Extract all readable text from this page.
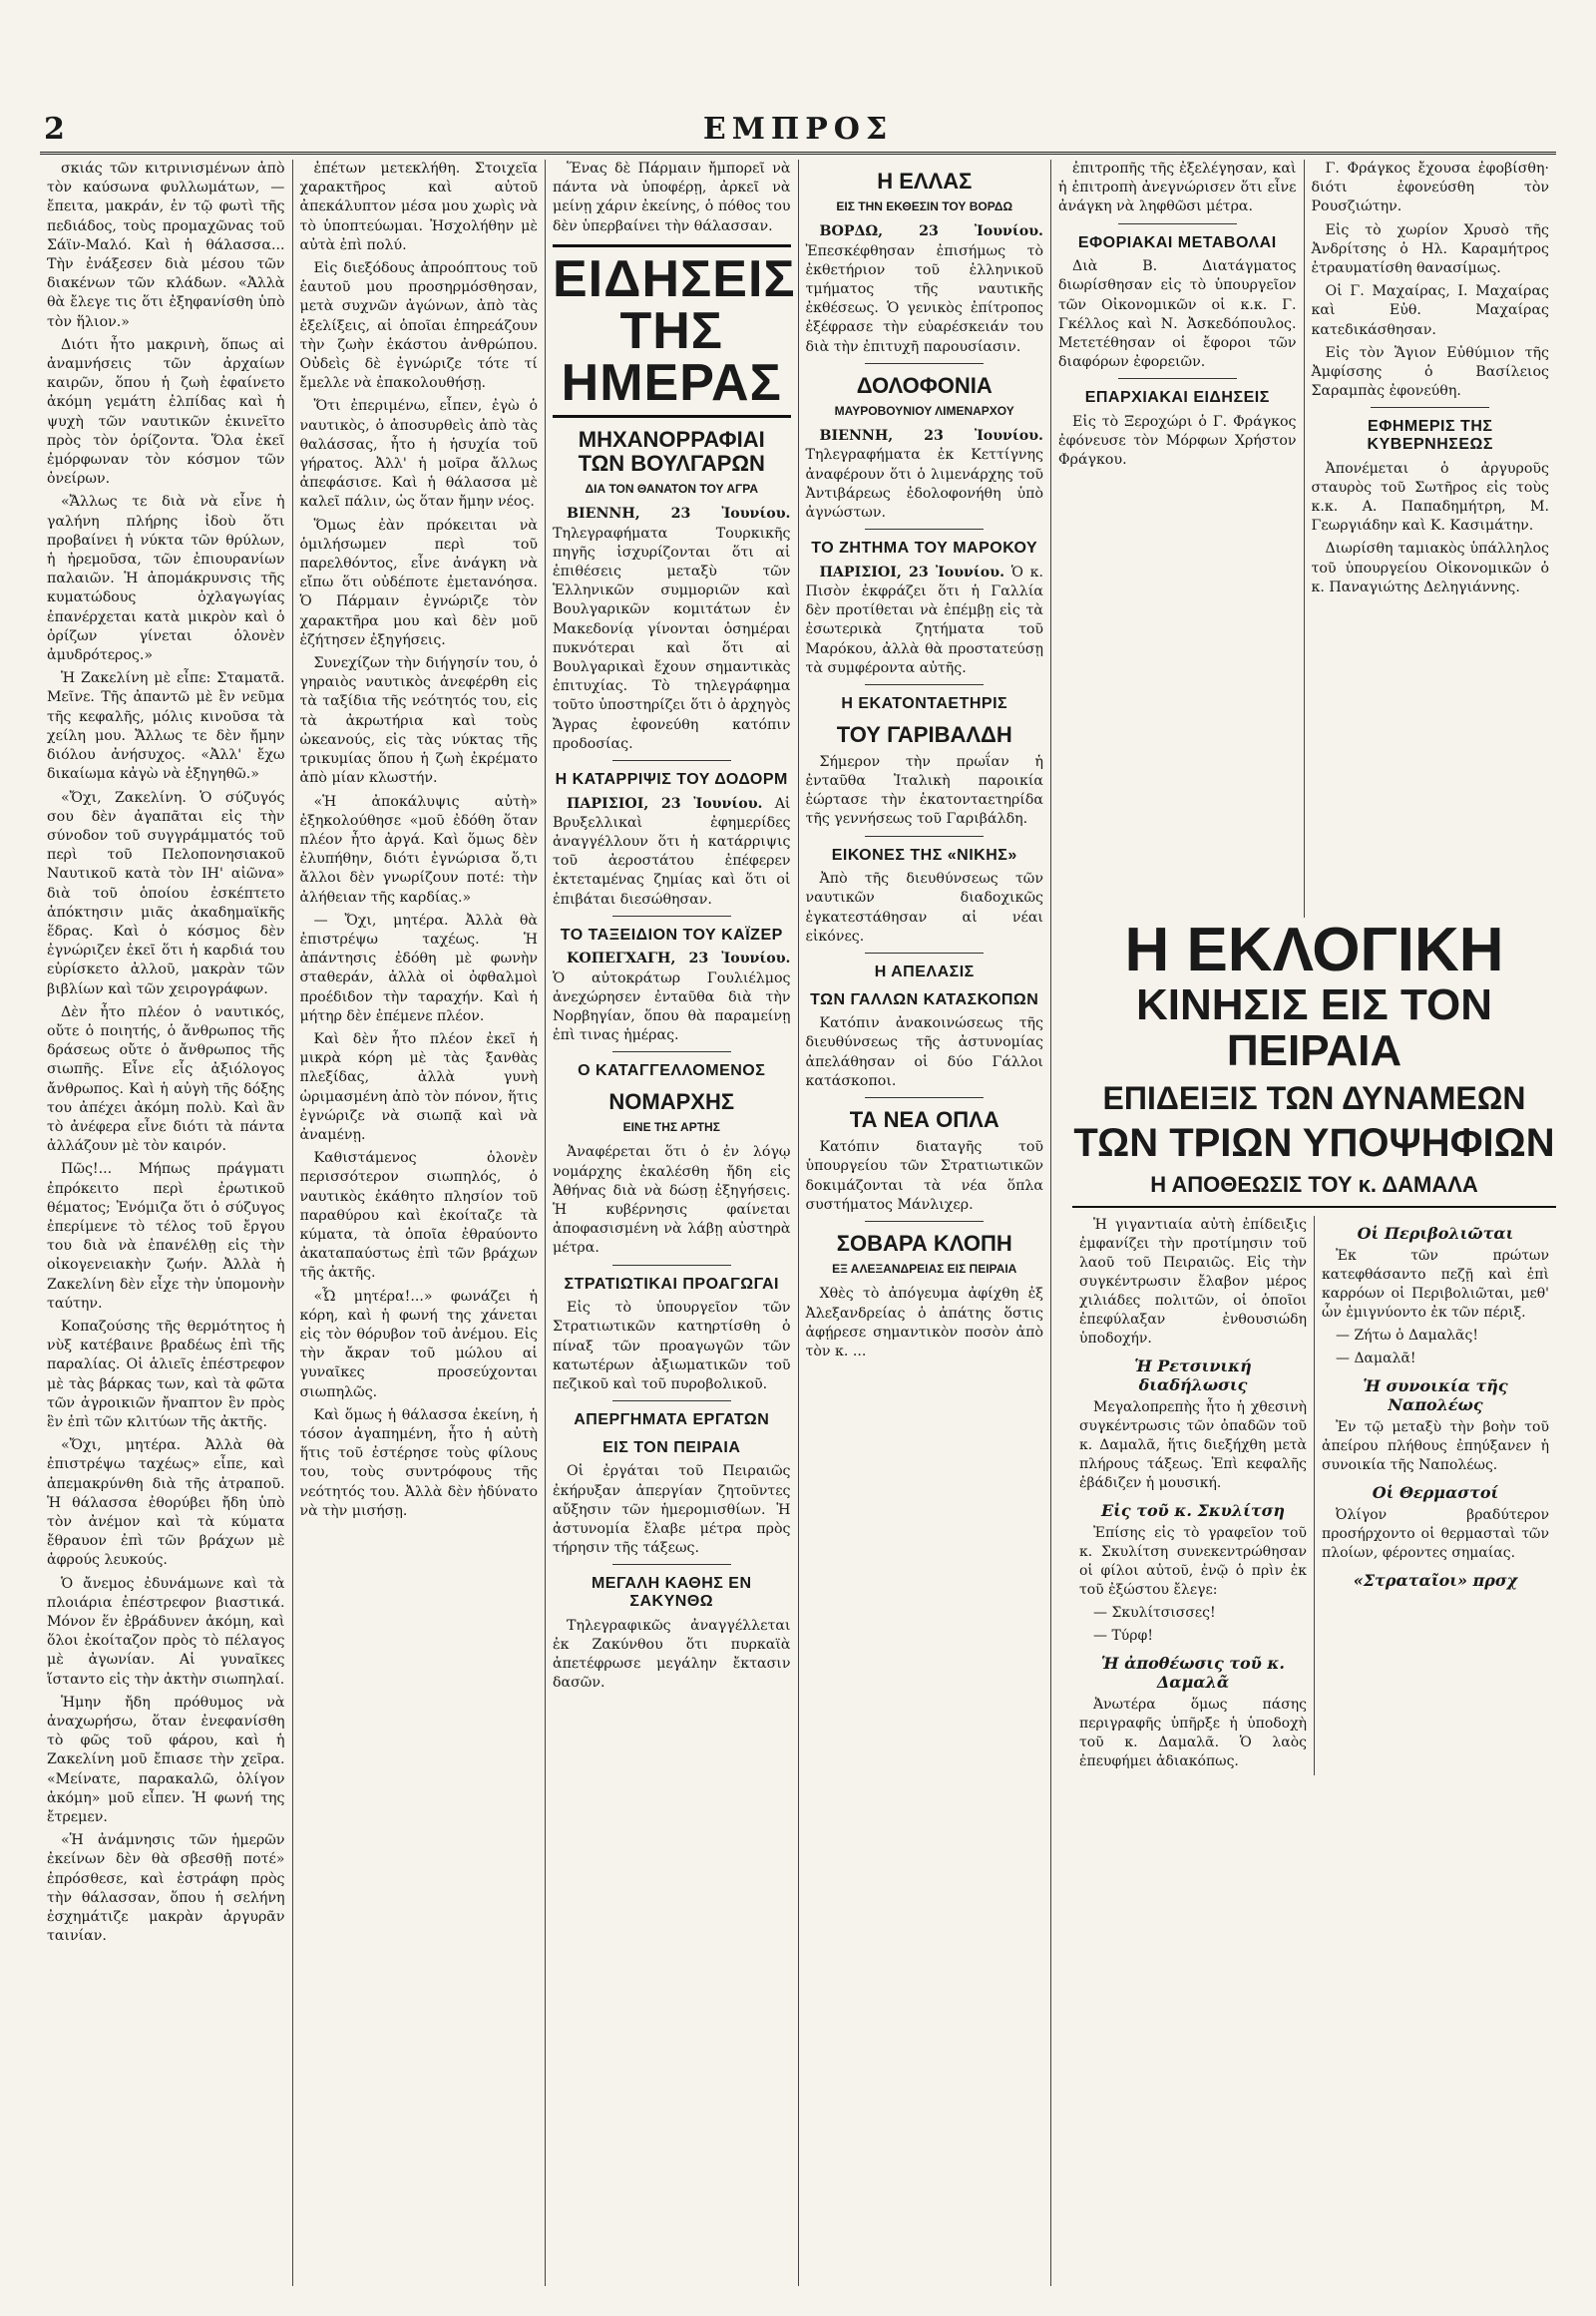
2	ΕΜΠΡΟΣ

σκιάς τῶν κιτρινισμένων ἀπὸ τὸν καύσωνα φυλλωμάτων, — ἔπειτα, μακράν, ἐν τῷ φωτὶ τῆς πεδιάδος, τοὺς προμαχῶνας τοῦ Σάϊν-Μαλό. Καὶ ἡ θάλασσα... Τὴν ἐνάξεσεν διὰ μέσου τῶν διακένων τῶν κλάδων. «Ἀλλὰ θὰ ἔλεγε τις ὅτι ἐξηφανίσθη ὑπὸ τὸν ἥλιον.»

Διότι ἦτο μακρινὴ, ὅπως αἱ ἀναμνήσεις τῶν ἀρχαίων καιρῶν, ὅπου ἡ ζωὴ ἐφαίνετο ἀκόμη γεμάτη ἐλπίδας καὶ ἡ ψυχὴ τῶν ναυτικῶν ἐκινεῖτο πρὸς τὸν ὁρίζοντα. Ὅλα ἐκεῖ ἐμόρφωναν τὸν κόσμον τῶν ὀνείρων.

«Ἄλλως τε διὰ νὰ εἶνε ἡ γαλήνη πλήρης ἰδοὺ ὅτι προβαίνει ἡ νύκτα τῶν θρύλων, ἡ ἠρεμοῦσα, τῶν ἐπιουρανίων παλαιῶν. Ἡ ἀπομάκρυνσις τῆς κυματώδους ὀχλαγωγίας ἐπανέρχεται κατὰ μικρὸν καὶ ὁ ὁρίζων γίνεται ὁλονὲν ἀμυδρότερος.»

Ἡ Ζακελίνη μὲ εἶπε: Σταματᾶ. Μεῖνε. Τῆς ἀπαντῶ μὲ ἓν νεῦμα τῆς κεφαλῆς, μόλις κινοῦσα τὰ χείλη μου. Ἄλλως τε δὲν ἤμην διόλου ἀνήσυχος. «Ἀλλ' ἔχω δικαίωμα κἀγὼ νὰ ἐξηγηθῶ.»

«Ὄχι, Ζακελίνη. Ὁ σύζυγός σου δὲν ἀγαπᾶται εἰς τὴν σύνοδον τοῦ συγγράμματός τοῦ περὶ τοῦ Πελοπονησιακοῦ Ναυτικοῦ κατὰ τὸν ΙΗ' αἰῶνα» διὰ τοῦ ὁποίου ἐσκέπτετο ἀπόκτησιν μιᾶς ἀκαδημαϊκῆς ἕδρας. Καὶ ὁ κόσμος δὲν ἐγνώριζεν ἐκεῖ ὅτι ἡ καρδιά του εὑρίσκετο ἀλλοῦ, μακρὰν τῶν βιβλίων καὶ τῶν χειρογράφων.

Δὲν ἦτο πλέον ὁ ναυτικός, οὔτε ὁ ποιητής, ὁ ἄνθρωπος τῆς δράσεως οὔτε ὁ ἄνθρωπος τῆς σιωπῆς. Εἶνε εἷς ἀξιόλογος ἄνθρωπος. Καὶ ἡ αὐγὴ τῆς δόξης του ἀπέχει ἀκόμη πολὺ. Καὶ ἂν τὸ ἀνέφερα εἶνε διότι τὰ πάντα ἀλλάζουν μὲ τὸν καιρόν.

Πῶς!... Μήπως πράγματι ἐπρόκειτο περὶ ἐρωτικοῦ θέματος; Ἐνόμιζα ὅτι ὁ σύζυγος ἐπερίμενε τὸ τέλος τοῦ ἔργου του διὰ νὰ ἐπανέλθῃ εἰς τὴν οἰκογενειακὴν ζωήν. Ἀλλὰ ἡ Ζακελίνη δὲν εἶχε τὴν ὑπομονὴν ταύτην.

Κοπαζούσης τῆς θερμότητος ἡ νὺξ κατέβαινε βραδέως ἐπὶ τῆς παραλίας. Οἱ ἁλιεῖς ἐπέστρεφον μὲ τὰς βάρκας των, καὶ τὰ φῶτα τῶν ἀγροικιῶν ἤναπτον ἓν πρὸς ἓν ἐπὶ τῶν κλιτύων τῆς ἀκτῆς.

«Ὄχι, μητέρα. Ἀλλὰ θὰ ἐπιστρέψω ταχέως» εἶπε, καὶ ἀπεμακρύνθη διὰ τῆς ἀτραποῦ. Ἡ θάλασσα ἐθορύβει ἤδη ὑπὸ τὸν ἀνέμον καὶ τὰ κύματα ἔθραυον ἐπὶ τῶν βράχων μὲ ἀφρούς λευκούς.

Ὁ ἄνεμος ἐδυνάμωνε καὶ τὰ πλοιάρια ἐπέστρεφον βιαστικά. Μόνον ἕν ἐβράδυνεν ἀκόμη, καὶ ὅλοι ἐκοίταζον πρὸς τὸ πέλαγος μὲ ἀγωνίαν. Αἱ γυναῖκες ἵσταντο εἰς τὴν ἀκτὴν σιωπηλαί.

Ἡμην ἤδη πρόθυμος νὰ ἀναχωρήσω, ὅταν ἐνεφανίσθη τὸ φῶς τοῦ φάρου, καὶ ἡ Ζακελίνη μοῦ ἔπιασε τὴν χεῖρα. «Μείνατε, παρακαλῶ, ὀλίγον ἀκόμη» μοῦ εἶπεν. Ἡ φωνή της ἔτρεμεν.

«Ἡ ἀνάμνησις τῶν ἡμερῶν ἐκείνων δὲν θὰ σβεσθῇ ποτέ» ἐπρόσθεσε, καὶ ἐστράφη πρὸς τὴν θάλασσαν, ὅπου ἡ σελήνη ἐσχημάτιζε μακρὰν ἀργυρᾶν ταινίαν.

ἐπέτων μετεκλήθη. Στοιχεῖα χαρακτῆρος καὶ αὐτοῦ ἀπεκάλυπτον μέσα μου χωρὶς νὰ τὸ ὑποπτεύωμαι. Ἠσχολήθην μὲ αὐτὰ ἐπὶ πολύ.

Εἰς διεξόδους ἀπροόπτους τοῦ ἑαυτοῦ μου προσηρμόσθησαν, μετὰ συχνῶν ἀγώνων, ἀπὸ τὰς ἐξελίξεις, αἱ ὁποῖαι ἐπηρεάζουν τὴν ζωὴν ἑκάστου ἀνθρώπου. Οὐδεὶς δὲ ἐγνώριζε τότε τί ἔμελλε νὰ ἐπακολουθήσῃ.

Ὅτι ἐπεριμένω, εἶπεν, ἐγὼ ὁ ναυτικὸς, ὁ ἀποσυρθεὶς ἀπὸ τὰς θαλάσσας, ἦτο ἡ ἡσυχία τοῦ γήρατος. Ἀλλ' ἡ μοῖρα ἄλλως ἀπεφάσισε. Καὶ ἡ θάλασσα μὲ καλεῖ πάλιν, ὡς ὅταν ἤμην νέος.

Ὅμως ἐὰν πρόκειται νὰ ὁμιλήσωμεν περὶ τοῦ παρελθόντος, εἶνε ἀνάγκη νὰ εἴπω ὅτι οὐδέποτε ἐμετανόησα. Ὁ Πάρμαιν ἐγνώριζε τὸν χαρακτῆρα μου καὶ δὲν μοῦ ἐζήτησεν ἐξηγήσεις.

Συνεχίζων τὴν διήγησίν του, ὁ γηραιὸς ναυτικὸς ἀνεφέρθη εἰς τὰ ταξίδια τῆς νεότητός του, εἰς τὰ ἀκρωτήρια καὶ τοὺς ὠκεανούς, εἰς τὰς νύκτας τῆς τρικυμίας ὅπου ἡ ζωὴ ἐκρέματο ἀπὸ μίαν κλωστήν.

«Ἡ ἀποκάλυψις αὐτὴ» ἐξηκολούθησε «μοῦ ἐδόθη ὅταν πλέον ἦτο ἀργά. Καὶ ὅμως δὲν ἐλυπήθην, διότι ἐγνώρισα ὅ,τι ἄλλοι δὲν γνωρίζουν ποτέ: τὴν ἀλήθειαν τῆς καρδίας.»

— Ὄχι, μητέρα. Ἀλλὰ θὰ ἐπιστρέψω ταχέως. Ἡ ἀπάντησις ἐδόθη μὲ φωνὴν σταθεράν, ἀλλὰ οἱ ὀφθαλμοὶ προέδιδον τὴν ταραχήν. Καὶ ἡ μήτηρ δὲν ἐπέμενε πλέον.

Καὶ δὲν ἦτο πλέον ἐκεῖ ἡ μικρὰ κόρη μὲ τὰς ξανθὰς πλεξίδας, ἀλλὰ γυνὴ ὡριμασμένη ἀπὸ τὸν πόνον, ἥτις ἐγνώριζε νὰ σιωπᾷ καὶ νὰ ἀναμένῃ.

Καθιστάμενος ὁλονὲν περισσότερον σιωπηλός, ὁ ναυτικὸς ἐκάθητο πλησίον τοῦ παραθύρου καὶ ἐκοίταζε τὰ κύματα, τὰ ὁποῖα ἐθραύοντο ἀκαταπαύστως ἐπὶ τῶν βράχων τῆς ἀκτῆς.

«Ὦ μητέρα!...» φωνάζει ἡ κόρη, καὶ ἡ φωνή της χάνεται εἰς τὸν θόρυβον τοῦ ἀνέμου. Εἰς τὴν ἄκραν τοῦ μώλου αἱ γυναῖκες προσεύχονται σιωπηλῶς.

Καὶ ὅμως ἡ θάλασσα ἐκείνη, ἡ τόσον ἀγαπημένη, ἦτο ἡ αὐτὴ ἥτις τοῦ ἐστέρησε τοὺς φίλους του, τοὺς συντρόφους τῆς νεότητός του. Ἀλλὰ δὲν ἠδύνατο νὰ τὴν μισήσῃ.

Ἕνας δὲ Πάρμαιν ἤμπορεῖ νὰ πάντα νὰ ὑποφέρῃ, ἀρκεῖ νὰ μείνῃ χάριν ἐκείνης, ὁ πόθος του δὲν ὑπερβαίνει τὴν θάλασσαν.

ΕΙΔΗΣΕΙΣ ΤΗΣ ΗΜΕΡΑΣ
ΜΗΧΑΝΟΡΡΑΦΙΑΙ ΤΩΝ ΒΟΥΛΓΑΡΩΝ
ΔΙΑ ΤΟΝ ΘΑΝΑΤΟΝ ΤΟΥ ΑΓΡΑ

ΒΙΕΝΝΗ, 23 Ἰουνίου. Τηλεγραφήματα Τουρκικῆς πηγῆς ἰσχυρίζονται ὅτι αἱ ἐπιθέσεις μεταξὺ τῶν Ἑλληνικῶν συμμοριῶν καὶ Βουλγαρικῶν κομιτάτων ἐν Μακεδονίᾳ γίνονται ὁσημέραι πυκνότεραι καὶ ὅτι αἱ Βουλγαρικαὶ ἔχουν σημαντικὰς ἐπιτυχίας. Τὸ τηλεγράφημα τοῦτο ὑποστηρίζει ὅτι ὁ ἀρχηγὸς Ἄγρας ἐφονεύθη κατόπιν προδοσίας.

Η ΚΑΤΑΡΡΙΨΙΣ ΤΟΥ ΔΟΔΟΡΜ

ΠΑΡΙΣΙΟΙ, 23 Ἰουνίου. Αἱ Βρυξελλικαὶ ἐφημερίδες ἀναγγέλλουν ὅτι ἡ κατάρριψις τοῦ ἀεροστάτου ἐπέφερεν ἐκτεταμένας ζημίας καὶ ὅτι οἱ ἐπιβάται διεσώθησαν.

ΤΟ ΤΑΞΕΙΔΙΟΝ ΤΟΥ ΚΑΪΖΕΡ

ΚΟΠΕΓΧΑΓΗ, 23 Ἰουνίου. Ὁ αὐτοκράτωρ Γουλιέλμος ἀνεχώρησεν ἐνταῦθα διὰ τὴν Νορβηγίαν, ὅπου θὰ παραμείνῃ ἐπὶ τινας ἡμέρας.

Ο ΚΑΤΑΓΓΕΛΛΟΜΕΝΟΣ
ΝΟΜΑΡΧΗΣ
ΕΙΝΕ ΤΗΣ ΑΡΤΗΣ

Ἀναφέρεται ὅτι ὁ ἐν λόγῳ νομάρχης ἐκαλέσθη ἤδη εἰς Ἀθήνας διὰ νὰ δώσῃ ἐξηγήσεις. Ἡ κυβέρνησις φαίνεται ἀποφασισμένη νὰ λάβῃ αὐστηρὰ μέτρα.

ΣΤΡΑΤΙΩΤΙΚΑΙ ΠΡΟΑΓΩΓΑΙ

Εἰς τὸ ὑπουργεῖον τῶν Στρατιωτικῶν κατηρτίσθη ὁ πίναξ τῶν προαγωγῶν τῶν κατωτέρων ἀξιωματικῶν τοῦ πεζικοῦ καὶ τοῦ πυροβολικοῦ.

ΑΠΕΡΓΗΜΑΤΑ ΕΡΓΑΤΩΝ
ΕΙΣ ΤΟΝ ΠΕΙΡΑΙΑ

Οἱ ἐργάται τοῦ Πειραιῶς ἐκήρυξαν ἀπεργίαν ζητοῦντες αὔξησιν τῶν ἡμερομισθίων. Ἡ ἀστυνομία ἔλαβε μέτρα πρὸς τήρησιν τῆς τάξεως.

ΜΕΓΑΛΗ ΚΑΘΗΣ ΕΝ ΣΑΚΥΝΘΩ

Τηλεγραφικῶς ἀναγγέλλεται ἐκ Ζακύνθου ὅτι πυρκαϊὰ ἀπετέφρωσε μεγάλην ἔκτασιν δασῶν.

Η ΕΛΛΑΣ
ΕΙΣ ΤΗΝ ΕΚΘΕΣΙΝ ΤΟΥ ΒΟΡΔΩ

ΒΟΡΔΩ, 23 Ἰουνίου. Ἐπεσκέφθησαν ἐπισήμως τὸ ἐκθετήριον τοῦ ἑλληνικοῦ τμήματος τῆς ναυτικῆς ἐκθέσεως. Ὁ γενικὸς ἐπίτροπος ἐξέφρασε τὴν εὐαρέσκειάν του διὰ τὴν ἐπιτυχῆ παρουσίασιν.

ΔΟΛΟΦΟΝΙΑ
ΜΑΥΡΟΒΟΥΝΙΟΥ ΛΙΜΕΝΑΡΧΟΥ

ΒΙΕΝΝΗ, 23 Ἰουνίου. Τηλεγραφήματα ἐκ Κεττίγνης ἀναφέρουν ὅτι ὁ λιμενάρχης τοῦ Ἀντιβάρεως ἐδολοφονήθη ὑπὸ ἀγνώστων.

ΤΟ ΖΗΤΗΜΑ ΤΟΥ ΜΑΡΟΚΟΥ

ΠΑΡΙΣΙΟΙ, 23 Ἰουνίου. Ὁ κ. Πισὸν ἐκφράζει ὅτι ἡ Γαλλία δὲν προτίθεται νὰ ἐπέμβῃ εἰς τὰ ἐσωτερικὰ ζητήματα τοῦ Μαρόκου, ἀλλὰ θὰ προστατεύσῃ τὰ συμφέροντα αὐτῆς.

Η ΕΚΑΤΟΝΤΑΕΤΗΡΙΣ
ΤΟΥ ΓΑΡΙΒΑΛΔΗ

Σήμερον τὴν πρωΐαν ἡ ἐνταῦθα Ἰταλικὴ παροικία ἑώρτασε τὴν ἑκατονταετηρίδα τῆς γεννήσεως τοῦ Γαριβάλδη.

ΕΙΚΟΝΕΣ ΤΗΣ «ΝΙΚΗΣ»

Ἀπὸ τῆς διευθύνσεως τῶν ναυτικῶν διαδοχικῶς ἐγκατεστάθησαν αἱ νέαι εἰκόνες.

Η ΑΠΕΛΑΣΙΣ
ΤΩΝ ΓΑΛΛΩΝ ΚΑΤΑΣΚΟΠΩΝ

Κατόπιν ἀνακοινώσεως τῆς διευθύνσεως τῆς ἀστυνομίας ἀπελάθησαν οἱ δύο Γάλλοι κατάσκοποι.

ΤΑ ΝΕΑ ΟΠΛΑ

Κατόπιν διαταγῆς τοῦ ὑπουργείου τῶν Στρατιωτικῶν δοκιμάζονται τὰ νέα ὅπλα συστήματος Μάνλιχερ.

ΣΟΒΑΡΑ ΚΛΟΠΗ
ΕΞ ΑΛΕΞΑΝΔΡΕΙΑΣ ΕΙΣ ΠΕΙΡΑΙΑ

Χθὲς τὸ ἀπόγευμα ἀφίχθη ἐξ Ἀλεξανδρείας ὁ ἀπάτης ὅστις ἀφῄρεσε σημαντικὸν ποσὸν ἀπὸ τὸν κ. ...

ἐπιτροπῆς τῆς ἐξελέγησαν, καὶ ἡ ἐπιτροπὴ ἀνεγνώρισεν ὅτι εἶνε ἀνάγκη νὰ ληφθῶσι μέτρα.

ΕΦΟΡΙΑΚΑΙ ΜΕΤΑΒΟΛΑΙ

Διὰ Β. Διατάγματος διωρίσθησαν εἰς τὸ ὑπουργεῖον τῶν Οἰκονομικῶν οἱ κ.κ. Γ. Γκέλλος καὶ Ν. Ἀσκεδόπουλος. Μετετέθησαν οἱ ἔφοροι τῶν διαφόρων ἐφορειῶν.

ΕΠΑΡΧΙΑΚΑΙ ΕΙΔΗΣΕΙΣ

Εἰς τὸ Ξεροχώρι ὁ Γ. Φράγκος ἐφόνευσε τὸν Μόρφων Χρήστον Φράγκου.

Γ. Φράγκος ἔχουσα ἐφοβίσθη· διότι ἐφονεύσθη τὸν Ρουσζιώτην.

Εἰς τὸ χωρίον Χρυσὸ τῆς Ἀνδρίτσης ὁ Ηλ. Καραμήτρος ἐτραυματίσθη θανασίμως.

Οἱ Γ. Μαχαίρας, Ι. Μαχαίρας καὶ Εὐθ. Μαχαίρας κατεδικάσθησαν.

Εἰς τὸν Ἅγιον Εὐθύμιον τῆς Ἀμφίσσης ὁ Βασίλειος Σαραμπὰς ἐφονεύθη.

ΕΦΗΜΕΡΙΣ ΤΗΣ ΚΥΒΕΡΝΗΣΕΩΣ

Ἀπονέμεται ὁ ἀργυροῦς σταυρὸς τοῦ Σωτῆρος εἰς τοὺς κ.κ. Α. Παπαδημήτρη, Μ. Γεωργιάδην καὶ Κ. Κασιμάτην.

Διωρίσθη ταμιακὸς ὑπάλληλος τοῦ ὑπουργείου Οἰκονομικῶν ὁ κ. Παναγιώτης Δεληγιάννης.

Η ΕΚΛΟΓΙΚΗ
ΚΙΝΗΣΙΣ ΕΙΣ ΤΟΝ ΠΕΙΡΑΙΑ
ΕΠΙΔΕΙΞΙΣ ΤΩΝ ΔΥΝΑΜΕΩΝ
ΤΩΝ ΤΡΙΩΝ ΥΠΟΨΗΦΙΩΝ
Η ΑΠΟΘΕΩΣΙΣ ΤΟΥ κ. ΔΑΜΑΛΑ

Ἡ γιγαντιαία αὐτὴ ἐπίδειξις ἐμφανίζει τὴν προτίμησιν τοῦ λαοῦ τοῦ Πειραιῶς. Εἰς τὴν συγκέντρωσιν ἔλαβον μέρος χιλιάδες πολιτῶν, οἱ ὁποῖοι ἐπεφύλαξαν ἐνθουσιώδη ὑποδοχήν.

Ἡ Ρετσινική διαδήλωσις

Μεγαλοπρεπὴς ἦτο ἡ χθεσινὴ συγκέντρωσις τῶν ὀπαδῶν τοῦ κ. Δαμαλᾶ, ἥτις διεξήχθη μετὰ πλήρους τάξεως. Ἐπὶ κεφαλῆς ἐβάδιζεν ἡ μουσική.

Εἰς τοῦ κ. Σκυλίτση

Ἐπίσης εἰς τὸ γραφεῖον τοῦ κ. Σκυλίτση συνεκεντρώθησαν οἱ φίλοι αὐτοῦ, ἐνῷ ὁ πρὶν ἐκ τοῦ ἐξώστου ἔλεγε:

— Σκυλίτσισσες!

— Τύρφ!

Ἡ ἀποθέωσις τοῦ κ. Δαμαλᾶ

Ἀνωτέρα ὅμως πάσης περιγραφῆς ὑπῆρξε ἡ ὑποδοχὴ τοῦ κ. Δαμαλᾶ. Ὁ λαὸς ἐπευφήμει ἀδιακόπως.

Οἱ Περιβολιῶται

Ἐκ τῶν πρώτων κατεφθάσαντο πεζῇ καὶ ἐπὶ καρρόων οἱ Περιβολιῶται, μεθ' ὧν ἐμιγνύοντο ἐκ τῶν πέριξ.

— Ζήτω ὁ Δαμαλᾶς!

— Δαμαλᾶ!

Ἡ συνοικία τῆς Ναπολέως

Ἐν τῷ μεταξὺ τὴν βοὴν τοῦ ἀπείρου πλήθους ἐπηύξανεν ἡ συνοικία τῆς Ναπολέως.

Οἱ Θερμαστοί

Ὀλίγον βραδύτερον προσήρχοντο οἱ θερμασταὶ τῶν πλοίων, φέροντες σημαίας.

«Στραταῖοι» πρσχ
